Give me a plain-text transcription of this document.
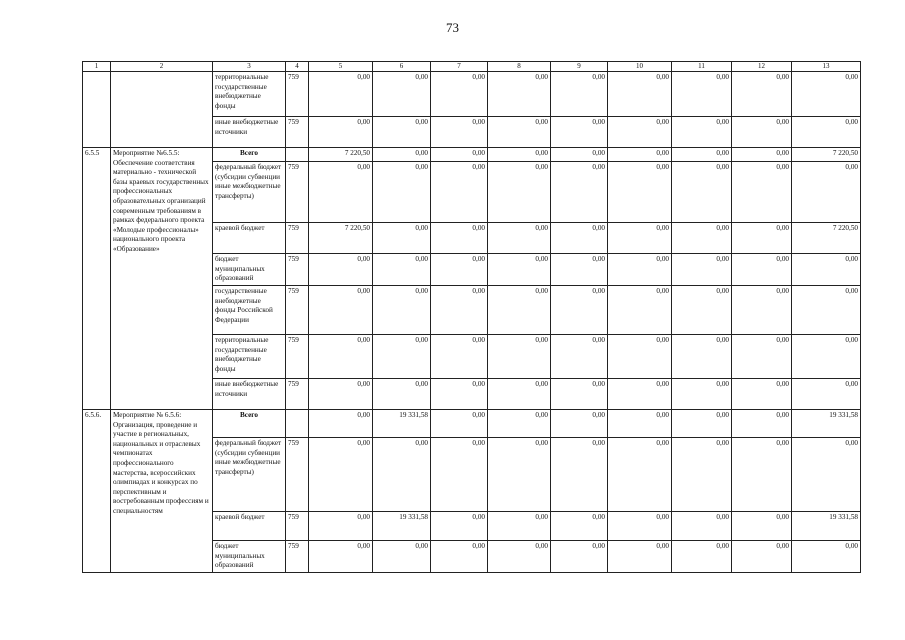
73
1	2	3	4	5	6	7	8	9	10	11	12	13
		территориальные государственные внебюджетные фонды	759	0,00	0,00	0,00	0,00	0,00	0,00	0,00	0,00	0,00
		иные внебюджетные источники	759	0,00	0,00	0,00	0,00	0,00	0,00	0,00	0,00	0,00
6.5.5	Мероприятие №6.5.5: Обеспечение соответствия материально - технической базы краевых государственных профессиональных образовательных организаций современным требованиям в рамках федерального проекта «Молодые профессионалы» национального проекта «Образование»	Всего		7 220,50	0,00	0,00	0,00	0,00	0,00	0,00	0,00	7 220,50
		федеральный бюджет (субсидии субвенции иные межбюджетные трансферты)	759	0,00	0,00	0,00	0,00	0,00	0,00	0,00	0,00	0,00
		краевой бюджет	759	7 220,50	0,00	0,00	0,00	0,00	0,00	0,00	0,00	7 220,50
		бюджет муниципальных образований	759	0,00	0,00	0,00	0,00	0,00	0,00	0,00	0,00	0,00
		государственные внебюджетные фонды Российской Федерации	759	0,00	0,00	0,00	0,00	0,00	0,00	0,00	0,00	0,00
		территориальные государственные внебюджетные фонды	759	0,00	0,00	0,00	0,00	0,00	0,00	0,00	0,00	0,00
		иные внебюджетные источники	759	0,00	0,00	0,00	0,00	0,00	0,00	0,00	0,00	0,00
6.5.6.	Мероприятие № 6.5.6: Организация, проведение и участие в региональных, национальных и отраслевых чемпионатах профессионального мастерства, всероссийских олимпиадах и конкурсах по перспективным и востребованным профессиям и специальностям	Всего		0,00	19 331,58	0,00	0,00	0,00	0,00	0,00	0,00	19 331,58
		федеральный бюджет (субсидии субвенции иные межбюджетные трансферты)	759	0,00	0,00	0,00	0,00	0,00	0,00	0,00	0,00	0,00
		краевой бюджет	759	0,00	19 331,58	0,00	0,00	0,00	0,00	0,00	0,00	19 331,58
		бюджет муниципальных образований	759	0,00	0,00	0,00	0,00	0,00	0,00	0,00	0,00	0,00
